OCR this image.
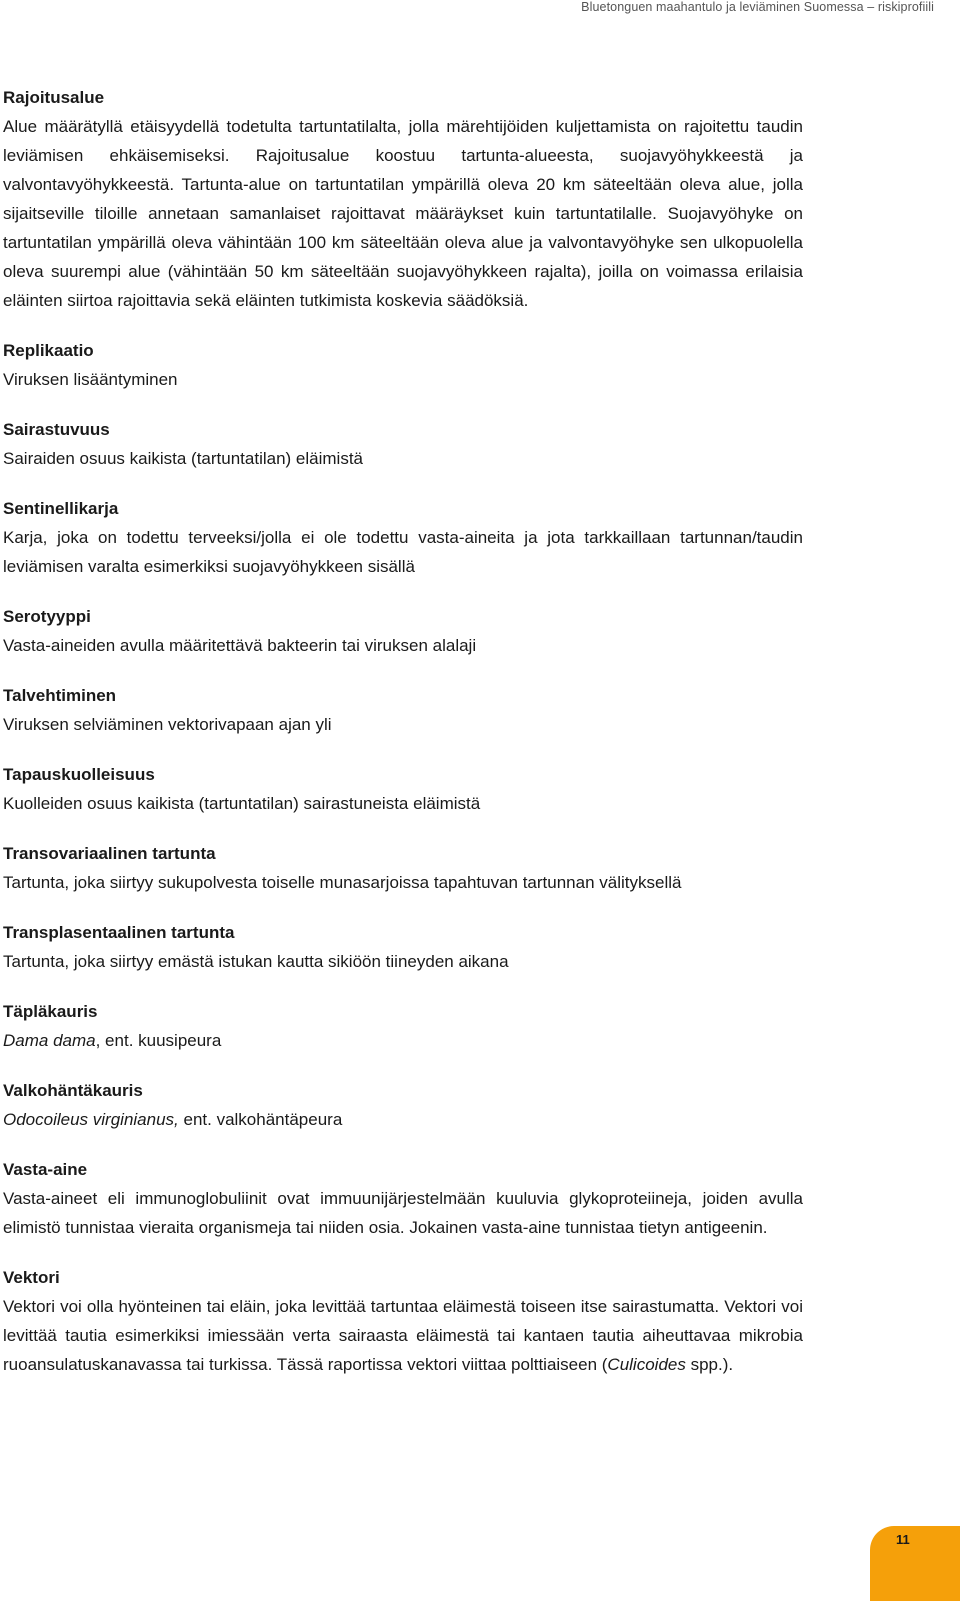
Bluetonguen maahantulo ja leviäminen Suomessa – riskiprofiili

Rajoitusalue

Alue määrätyllä etäisyydellä todetulta tartuntatilalta, jolla märehtijöiden kuljettamista on rajoitettu taudin leviämisen ehkäisemiseksi. Rajoitusalue koostuu tartunta-alueesta, suojavyöhykkeestä ja valvontavyöhykkeestä. Tartunta-alue on tartuntatilan ympärillä oleva 20 km säteeltään oleva alue, jolla sijaitseville tiloille annetaan samanlaiset rajoittavat määräykset kuin tartuntatilalle. Suojavyöhyke on tartuntatilan ympärillä oleva vähintään 100 km säteeltään oleva alue ja valvontavyöhyke sen ulkopuolella oleva suurempi alue (vähintään 50 km säteeltään suojavyöhykkeen rajalta), joilla on voimassa erilaisia eläinten siirtoa rajoittavia sekä eläinten tutkimista koskevia säädöksiä.

Replikaatio

Viruksen lisääntyminen

Sairastuvuus

Sairaiden osuus kaikista (tartuntatilan) eläimistä

Sentinellikarja

Karja, joka on todettu terveeksi/jolla ei ole todettu vasta-aineita ja jota tarkkaillaan tartunnan/taudin leviämisen varalta esimerkiksi suojavyöhykkeen sisällä

Serotyyppi

Vasta-aineiden avulla määritettävä bakteerin tai viruksen alalaji

Talvehtiminen

Viruksen selviäminen vektorivapaan ajan yli

Tapauskuolleisuus

Kuolleiden osuus kaikista (tartuntatilan) sairastuneista eläimistä

Transovariaalinen tartunta

Tartunta, joka siirtyy sukupolvesta toiselle munasarjoissa tapahtuvan tartunnan välityksellä

Transplasentaalinen tartunta

Tartunta, joka siirtyy emästä istukan kautta sikiöön tiineyden aikana

Täpläkauris

Dama dama, ent. kuusipeura

Valkohäntäkauris

Odocoileus virginianus, ent. valkohäntäpeura

Vasta-aine

Vasta-aineet eli immunoglobuliinit ovat immuunijärjestelmään kuuluvia glykoproteiineja, joiden avulla elimistö tunnistaa vieraita organismeja tai niiden osia. Jokainen vasta-aine tunnistaa tietyn antigeenin.

Vektori

Vektori voi olla hyönteinen tai eläin, joka levittää tartuntaa eläimestä toiseen itse sairastumatta. Vektori voi levittää tautia esimerkiksi imiessään verta sairaasta eläimestä tai kantaen tautia aiheuttavaa mikrobia ruoansulatuskanavassa tai turkissa. Tässä raportissa vektori viittaa polttiaiseen (Culicoides spp.).

11
